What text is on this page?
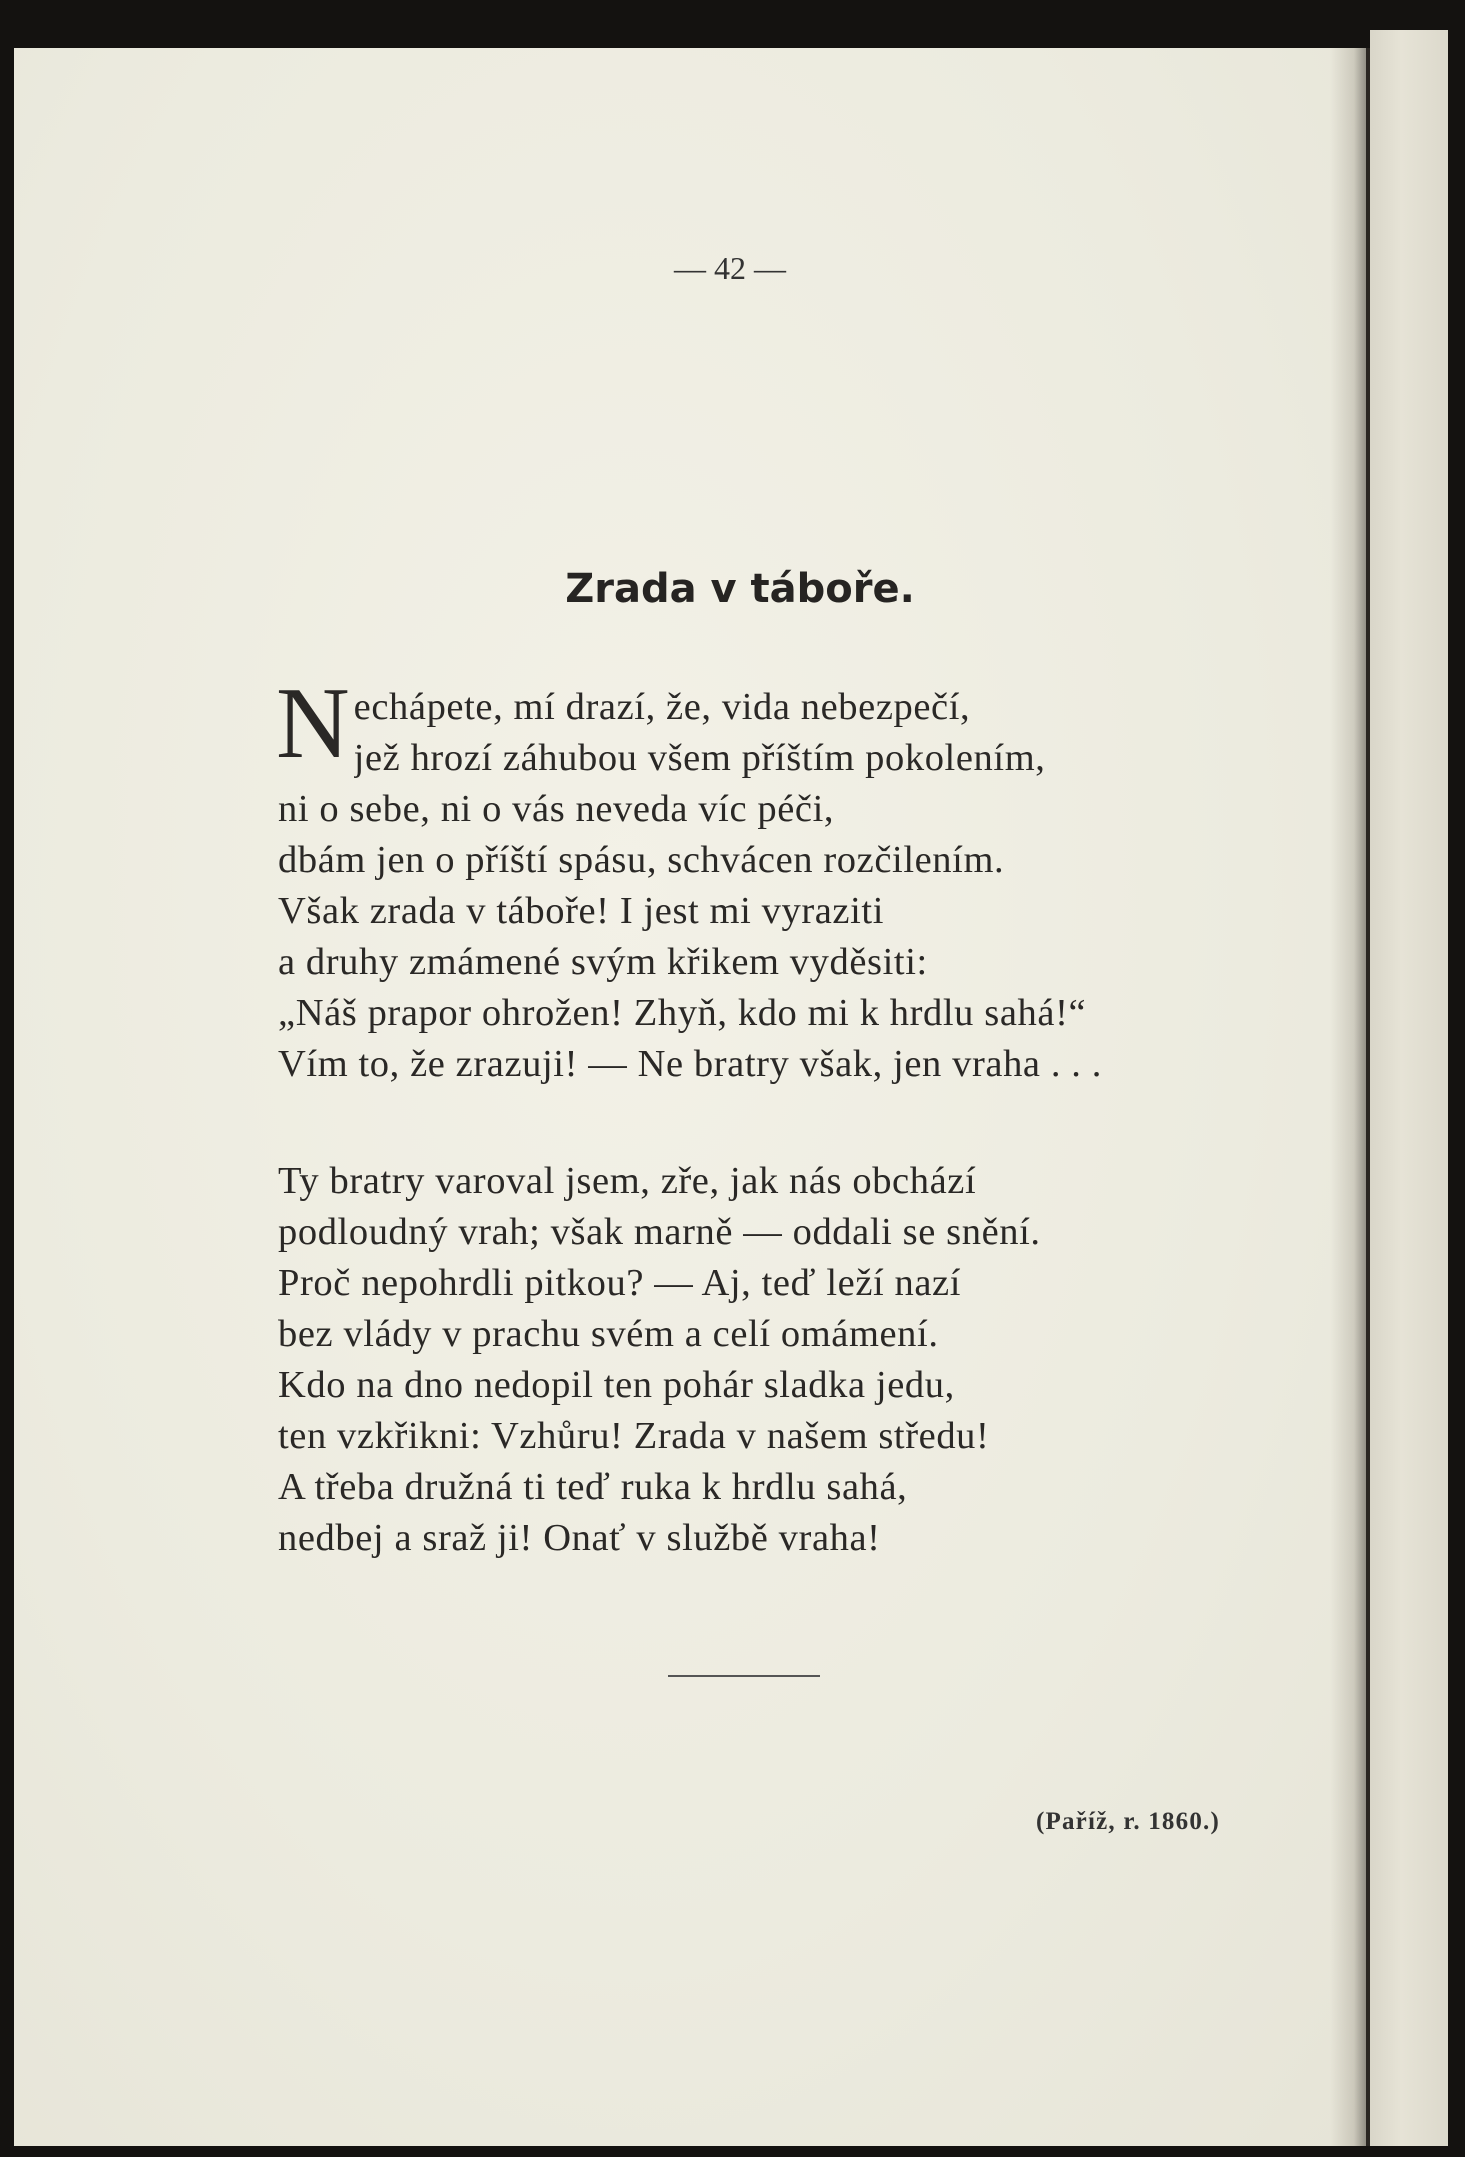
— 42 —
Zrada v táboře.
N echápete, mí drazí, že, vida nebezpečí,
jež hrozí záhubou všem příštím pokolením,
ni o sebe, ni o vás neveda víc péči,
dbám jen o příští spásu, schvácen rozčilením.
Však zrada v táboře! I jest mi vyraziti
a druhy zmámené svým křikem vyděsiti:
„Náš prapor ohrožen! Zhyň, kdo mi k hrdlu sahá!“
Vím to, že zrazuji! — Ne bratry však, jen vraha . . .
Ty bratry varoval jsem, zře, jak nás obchází
podloudný vrah; však marně — oddali se snění.
Proč nepohrdli pitkou? — Aj, teď leží nazí
bez vlády v prachu svém a celí omámení.
Kdo na dno nedopil ten pohár sladka jedu,
ten vzkřikni: Vzhůru! Zrada v našem středu!
A třeba družná ti teď ruka k hrdlu sahá,
nedbej a sraž ji! Onať v službě vraha!
(Paříž, r. 1860.)
